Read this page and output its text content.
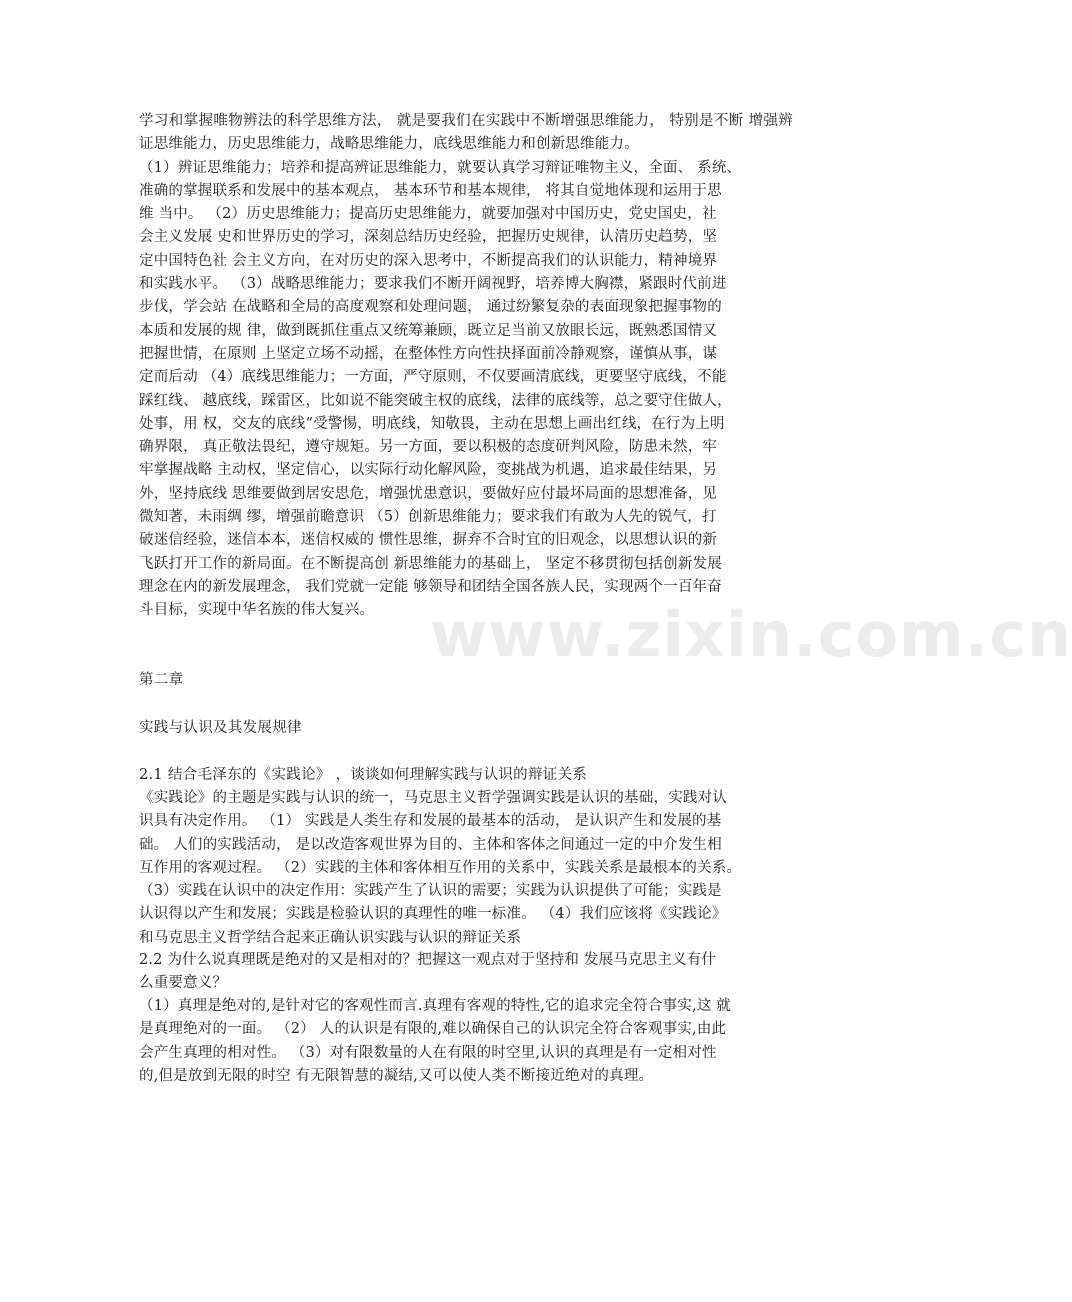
学习和掌握唯物辨法的科学思维方法， 就是要我们在实践中不断增强思维能力， 特别是不断 增强辨证思维能力，历史思维能力，战略思维能力，底线思维能力和创新思维能力。
（1）辨证思维能力；培养和提高辨证思维能力，就要认真学习辩证唯物主义，全面、 系统、
准确的掌握联系和发展中的基本观点， 基本环节和基本规律， 将其自觉地体现和运用于思
维 当中。 （2）历史思维能力；提高历史思维能力，就要加强对中国历史，党史国史，社
会主义发展 史和世界历史的学习，深刻总结历史经验，把握历史规律，认清历史趋势，坚
定中国特色社 会主义方向，在对历史的深入思考中，不断提高我们的认识能力，精神境界
和实践水平。 （3）战略思维能力；要求我们不断开阔视野，培养博大胸襟，紧跟时代前进
步伐，学会站 在战略和全局的高度观察和处理问题， 通过纷繁复杂的表面现象把握事物的
本质和发展的规 律，做到既抓住重点又统筹兼顾，既立足当前又放眼长远，既熟悉国情又
把握世情，在原则 上坚定立场不动摇，在整体性方向性抉择面前冷静观察，谨慎从事，谋
定而后动 （4）底线思维能力；一方面，严守原则，不仅要画清底线，更要坚守底线，不能
踩红线、 越底线，踩雷区，比如说不能突破主权的底线，法律的底线等，总之要守住做人，
处事，用 权，交友的底线“受警惕，明底线，知敬畏，主动在思想上画出红线，在行为上明
确界限， 真正敬法畏纪，遵守规矩。另一方面，要以积极的态度研判风险，防患未然，牢
牢掌握战略 主动权，坚定信心，以实际行动化解风险，变挑战为机遇，追求最佳结果，另
外，坚持底线 思维要做到居安思危，增强忧患意识，要做好应付最坏局面的思想准备，见
微知著，未雨绸 缪，增强前瞻意识 （5）创新思维能力；要求我们有敢为人先的锐气，打
破迷信经验，迷信本本，迷信权威的 惯性思维，摒弃不合时宜的旧观念，以思想认识的新
飞跃打开工作的新局面。在不断提高创 新思维能力的基础上， 坚定不移贯彻包括创新发展
理念在内的新发展理念， 我们党就一定能 够领导和团结全国各族人民，实现两个一百年奋
斗目标，实现中华名族的伟大复兴。
第二章
实践与认识及其发展规律
2.1 结合毛泽东的《实践论》 ，谈谈如何理解实践与认识的辩证关系
《实践论》的主题是实践与认识的统一，马克思主义哲学强调实践是认识的基础，实践对认
识具有决定作用。 （1） 实践是人类生存和发展的最基本的活动， 是认识产生和发展的基
础。 人们的实践活动， 是以改造客观世界为目的、主体和客体之间通过一定的中介发生相
互作用的客观过程。 （2）实践的主体和客体相互作用的关系中，实践关系是最根本的关系。
（3）实践在认识中的决定作用：实践产生了认识的需要；实践为认识提供了可能；实践是
认识得以产生和发展；实践是检验认识的真理性的唯一标准。 （4）我们应该将《实践论》
和马克思主义哲学结合起来正确认识实践与认识的辩证关系
2.2 为什么说真理既是绝对的又是相对的？把握这一观点对于坚持和 发展马克思主义有什
么重要意义？
（1）真理是绝对的,是针对它的客观性而言.真理有客观的特性,它的追求完全符合事实,这 就
是真理绝对的一面。 （2） 人的认识是有限的,难以确保自己的认识完全符合客观事实,由此
会产生真理的相对性。 （3）对有限数量的人在有限的时空里,认识的真理是有一定相对性
的,但是放到无限的时空 有无限智慧的凝结,又可以使人类不断接近绝对的真理。
www.zixin.com.cn
